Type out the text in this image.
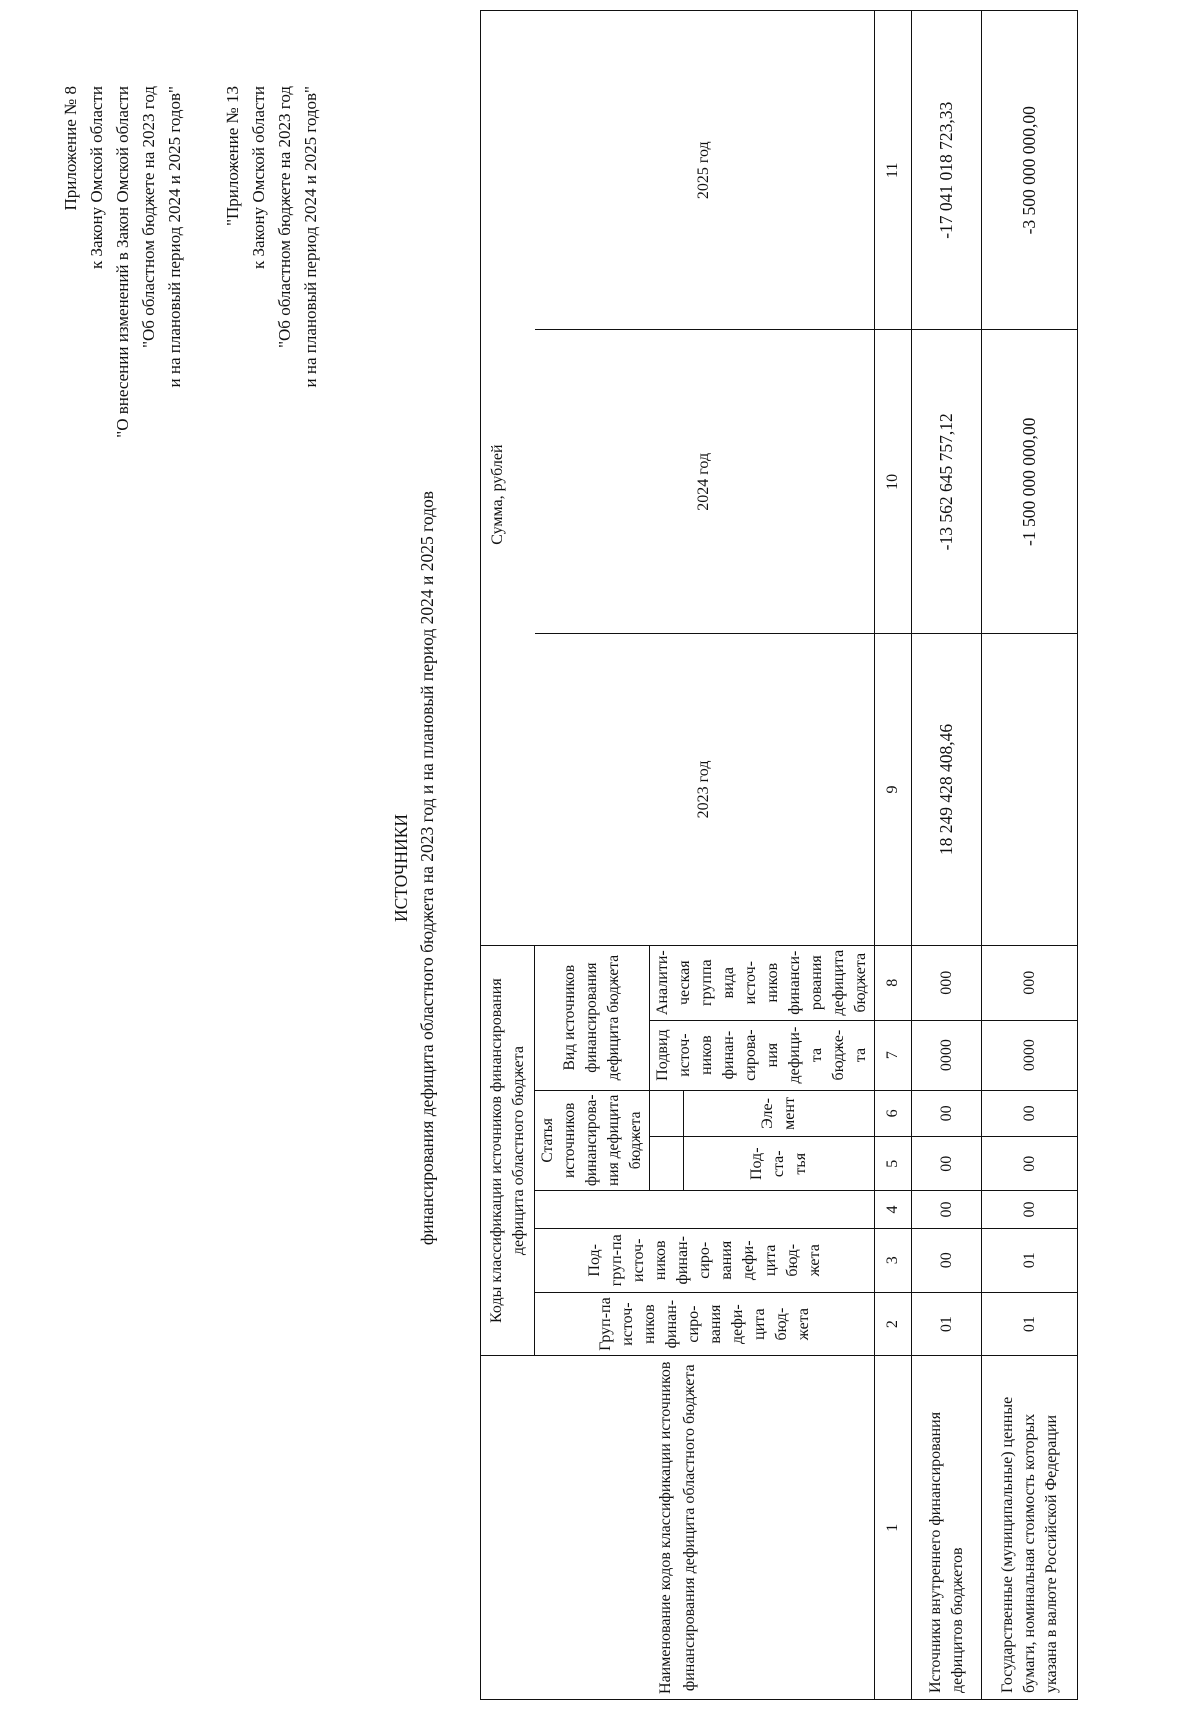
Приложение № 8 к Закону Омской области "О внесении изменений в Закон Омской области "Об областном бюджете на 2023 год и на плановый период 2024 и 2025 годов" "Приложение № 13 к Закону Омской области "Об областном бюджете на 2023 год и на плановый период 2024 и 2025 годов"
ИСТОЧНИКИ финансирования дефицита областного бюджета на 2023 год и на плановый период 2024 и 2025 годов
Наименование кодов классификации источников финансирования дефицита областного бюджета	Коды классификации источников финансирования дефицита областного бюджета							Сумма, рублей		

	Груп-па источ-ников финан-сиро-вания дефи-цита бюд-жета	Под-груп-па источ-ников финан-сиро-вания дефи-цита бюд-жета		Статья источников финансирова-ния дефицита бюджета		Вид источников финансирования дефицита бюджета		2023 год	2024 год	2025 год
						Подвид источ-ников финан-сирова-ния дефици-та бюдже-та	Аналити-ческая группа вида источ-ников финанси-рования дефицита бюджета			
				Под-ста-тья	Эле-мент					
1	2	3	4	5	6	7	8	9	10	11
Источники внутреннего финансирования дефицитов бюджетов	01	00	00	00	00	0000	000	18 249 428 408,46	-13 562 645 757,12	-17 041 018 723,33
Государственные (муниципальные) ценные бумаги, номинальная стоимость которых указана в валюте Российской Федерации	01	01	00	00	00	0000	000		-1 500 000 000,00	-3 500 000 000,00
